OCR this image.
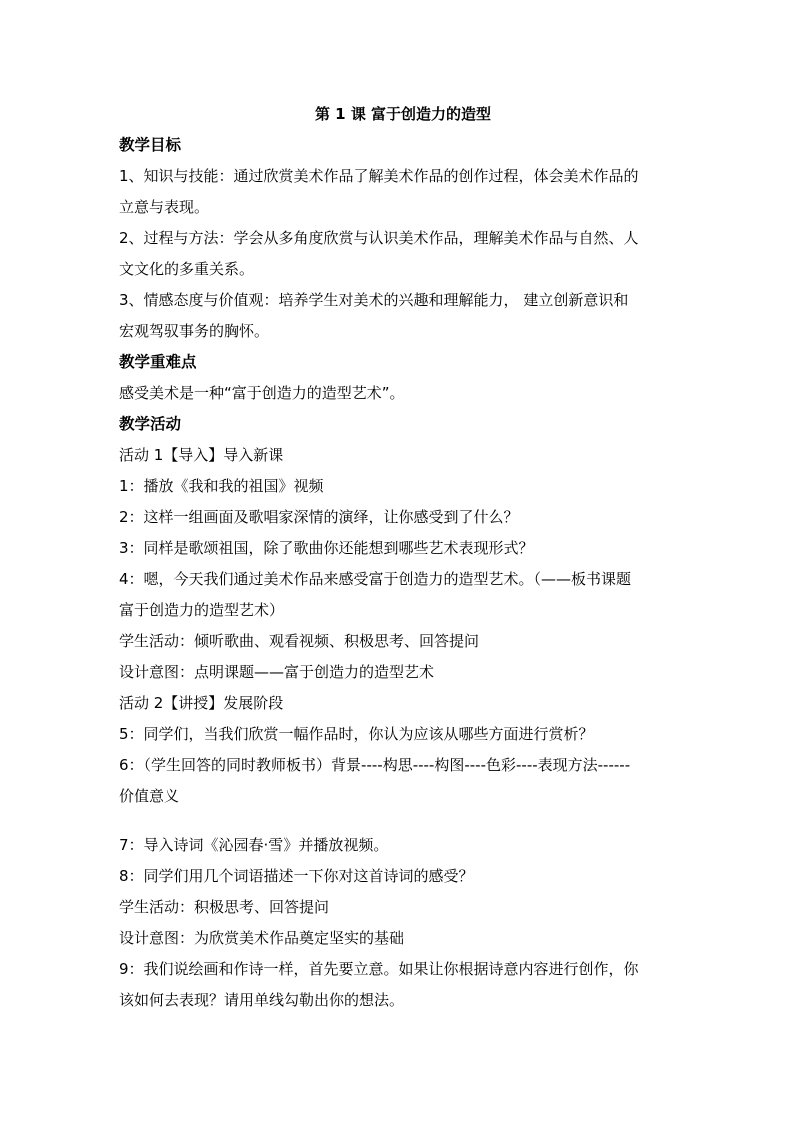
第 1 课 富于创造力的造型
教学目标
1、知识与技能：通过欣赏美术作品了解美术作品的创作过程，体会美术作品的
立意与表现。
2、过程与方法：学会从多角度欣赏与认识美术作品，理解美术作品与自然、人
文文化的多重关系。
3、情感态度与价值观：培养学生对美术的兴趣和理解能力， 建立创新意识和
宏观驾驭事务的胸怀。
教学重难点
感受美术是一种“富于创造力的造型艺术”。
教学活动
活动 1【导入】导入新课
1：播放《我和我的祖国》视频
2：这样一组画面及歌唱家深情的演绎，让你感受到了什么？
3：同样是歌颂祖国，除了歌曲你还能想到哪些艺术表现形式？
4：嗯，今天我们通过美术作品来感受富于创造力的造型艺术。（——板书课题
富于创造力的造型艺术）
学生活动：倾听歌曲、观看视频、积极思考、回答提问
设计意图：点明课题——富于创造力的造型艺术
活动 2【讲授】发展阶段
5：同学们，当我们欣赏一幅作品时，你认为应该从哪些方面进行赏析？
6：（学生回答的同时教师板书）背景----构思----构图----色彩----表现方法------
价值意义
7：导入诗词《沁园春·雪》并播放视频。
8：同学们用几个词语描述一下你对这首诗词的感受？
学生活动：积极思考、回答提问
设计意图：为欣赏美术作品奠定坚实的基础
9：我们说绘画和作诗一样，首先要立意。如果让你根据诗意内容进行创作，你
该如何去表现？请用单线勾勒出你的想法。
